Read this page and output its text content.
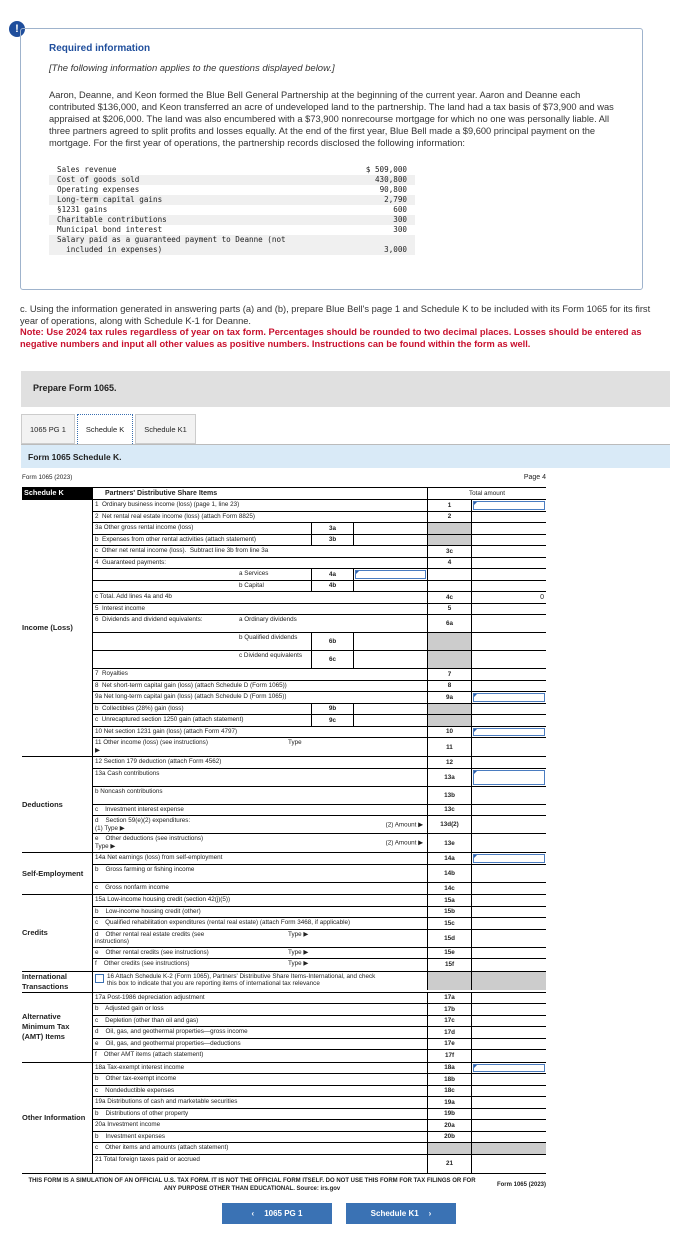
!
Required information
[The following information applies to the questions displayed below.]
Aaron, Deanne, and Keon formed the Blue Bell General Partnership at the beginning of the current year. Aaron and Deanne each contributed $136,000, and Keon transferred an acre of undeveloped land to the partnership. The land had a tax basis of $73,900 and was appraised at $206,000. The land was also encumbered with a $73,900 nonrecourse mortgage for which no one was personally liable. All three partners agreed to split profits and losses equally. At the end of the first year, Blue Bell made a $9,600 principal payment on the mortgage. For the first year of operations, the partnership records disclosed the following information:
Sales revenue	$ 509,000
Cost of goods sold	430,800
Operating expenses	90,800
Long-term capital gains	2,790
§1231 gains	600
Charitable contributions	300
Municipal bond interest	300
Salary paid as a guaranteed payment to Deanne (not
included in expenses)	
3,000
c. Using the information generated in answering parts (a) and (b), prepare Blue Bell's page 1 and Schedule K to be included with its Form 1065 for its first year of operations, along with Schedule K-1 for Deanne.
Note: Use 2024 tax rules regardless of year on tax form. Percentages should be rounded to two decimal places. Losses should be entered as negative numbers and input all other values as positive numbers. Instructions can be found within the form as well.
Prepare Form 1065.
1065 PG 1	Schedule K	Schedule K1
Form 1065 Schedule K.
Form 1065 (2023)	Page 4
Schedule K	Partners' Distributive Share Items	Total amount
Income (Loss)
1  Ordinary business income (loss) (page 1, line 23)	1
2  Net rental real estate income (loss) (attach Form 8825)	2
3a Other gross rental income (loss)	3a
b  Expenses from other rental activities (attach statement)	3b
c  Other net rental income (loss).  Subtract line 3b from line 3a	3c
4  Guaranteed payments:	4
a Services	4a
b Capital	4b
c Total. Add lines 4a and 4b	4c	0
5  Interest income	5
6  Dividends and dividend equivalents:	a Ordinary dividends
6a
b Qualified dividends
6b
c Dividend equivalents
6c
7  Royalties	7
8  Net short-term capital gain (loss) (attach Schedule D (Form 1065))	8
9a Net long-term capital gain (loss) (attach Schedule D (Form 1065))	9a
b  Collectibles (28%) gain (loss)	9b
c  Unrecaptured section 1250 gain (attach statement)	9c
10 Net section 1231 gain (loss) (attach Form 4797)	10
11 Other income (loss) (see instructions)
▶
Type
11
Deductions
12 Section 179 deduction (attach Form 4562)	12
13a Cash contributions
13a
b Noncash contributions
13b
c    Investment interest expense	13c
d    Section 59(e)(2) expenditures:
(1) Type ▶
(2) Amount ▶	13d(2)
e    Other deductions (see instructions)
Type ▶	(2) Amount ▶	13e
Self-Employment
14a Net earnings (loss) from self-employment	14a
b    Gross farming or fishing income
14b
c    Gross nonfarm income	14c
Credits
15a Low-income housing credit (section 42(j)(5))	15a
b    Low-income housing credit (other)	15b
c    Qualified rehabilitation expenditures (rental real estate) (attach Form 3468, if applicable)	15c
d    Other rental real estate credits (see
instructions)
Type ▶
15d
e    Other rental credits (see instructions)	Type ▶	15e
f    Other credits (see instructions)	Type ▶	15f
International Transactions
16 Attach Schedule K-2 (Form 1065), Partners' Distributive Share Items-International, and check
this box to indicate that you are reporting items of international tax relevance
Alternative Minimum Tax (AMT) Items
17a Post-1986 depreciation adjustment	17a
b    Adjusted gain or loss	17b
c    Depletion (other than oil and gas)	17c
d    Oil, gas, and geothermal properties—gross income	17d
e    Oil, gas, and geothermal properties—deductions	17e
f    Other AMT items (attach statement)	17f
Other Information
18a Tax-exempt interest income	18a
b    Other tax-exempt income	18b
c    Nondeductible expenses	18c
19a Distributions of cash and marketable securities	19a
b    Distributions of other property	19b
20a Investment income	20a
b    Investment expenses	20b
c    Other items and amounts (attach statement)
21 Total foreign taxes paid or accrued
21
THIS FORM IS A SIMULATION OF AN OFFICIAL U.S. TAX FORM. IT IS NOT THE OFFICIAL FORM ITSELF. DO NOT USE THIS FORM FOR TAX FILINGS OR FOR ANY PURPOSE OTHER THAN EDUCATIONAL. Source: irs.gov
Form 1065 (2023)
‹ 1065 PG 1	Schedule K1 ›
